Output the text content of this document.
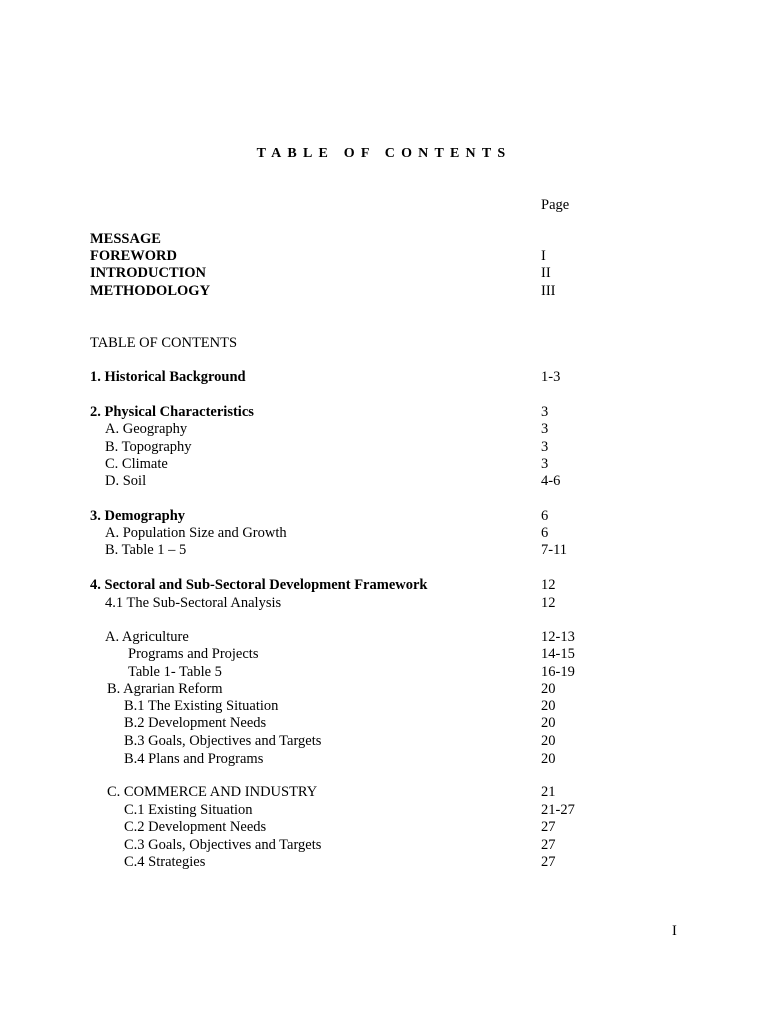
TABLE OF CONTENTS
Page
MESSAGE
FOREWORD	I
INTRODUCTION	II
METHODOLOGY	III
TABLE OF CONTENTS
1. Historical Background	1-3
2. Physical Characteristics	3
A. Geography	3
B. Topography	3
C. Climate	3
D. Soil	4-6
3. Demography	6
A. Population Size and Growth	6
B. Table 1 – 5	7-11
4. Sectoral and Sub-Sectoral Development Framework	12
4.1 The Sub-Sectoral Analysis	12
A. Agriculture	12-13
Programs and Projects	14-15
Table 1- Table 5	16-19
B. Agrarian Reform	20
B.1 The Existing Situation	20
B.2 Development Needs	20
B.3 Goals, Objectives and Targets	20
B.4 Plans and Programs	20
C. COMMERCE AND INDUSTRY	21
C.1 Existing Situation	21-27
C.2 Development Needs	27
C.3 Goals, Objectives and Targets	27
C.4 Strategies	27
I
